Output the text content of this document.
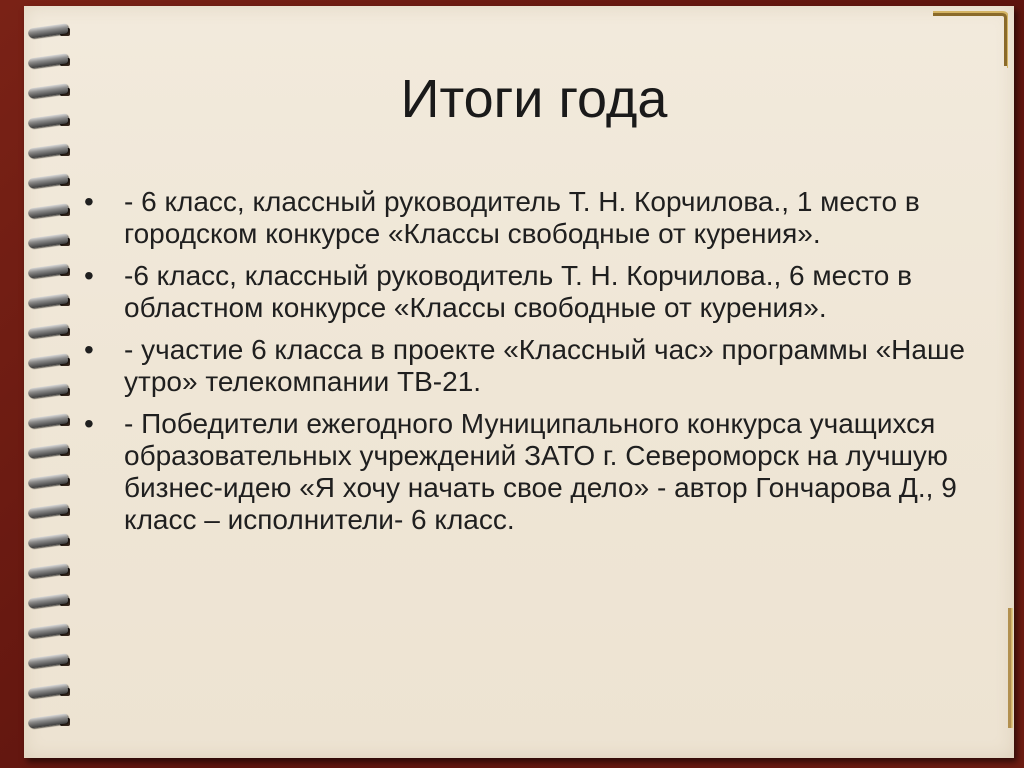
Итоги года
• - 6 класс, классный руководитель Т. Н. Корчилова., 1 место в городском конкурсе «Классы свободные от курения».
• -6 класс, классный руководитель Т. Н. Корчилова., 6 место в областном конкурсе «Классы свободные от курения».
• - участие 6 класса в проекте «Классный час» программы «Наше утро» телекомпании ТВ-21.
• - Победители ежегодного Муниципального конкурса учащихся образовательных учреждений ЗАТО г. Североморск на лучшую бизнес-идею «Я хочу начать свое дело» - автор Гончарова Д., 9 класс – исполнители- 6 класс.
